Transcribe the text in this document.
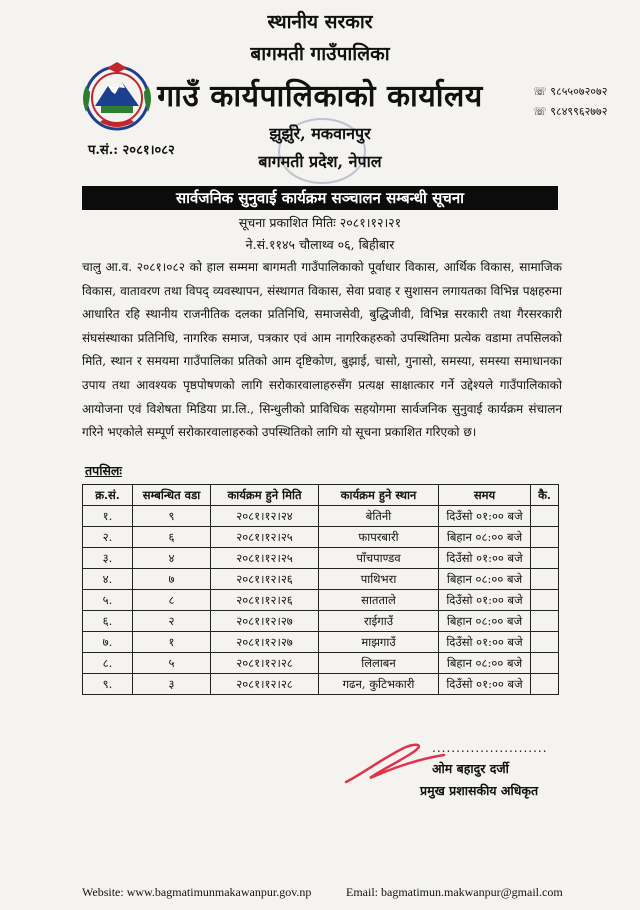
स्थानीय सरकार
बागमती गाउँपालिका
गाउँ कार्यपालिकाको कार्यालय
झुर्झुरे, मकवानपुर
बागमती प्रदेश, नेपाल
☏ ९८५५०७२०७२
☏ ९८४९९६२७७२
प.सं.: २०८१।०८२
सार्वजनिक सुनुवाई कार्यक्रम सञ्चालन सम्बन्धी सूचना
सूचना प्रकाशित मितिः २०८१।१२।२१
ने.सं.११४५ चौलाथ्व ०६, बिहीबार
चालु आ.व. २०८१।०८२ को हाल सम्ममा बागमती गाउँपालिकाको पूर्वाधार विकास, आर्थिक विकास, सामाजिक विकास, वातावरण तथा विपद् व्यवस्थापन, संस्थागत विकास, सेवा प्रवाह र सुशासन लगायतका विभिन्न पक्षहरुमा आधारित रहि स्थानीय राजनीतिक दलका प्रतिनिधि, समाजसेवी, बुद्धिजीवी, विभिन्न सरकारी तथा गैरसरकारी संघसंस्थाका प्रतिनिधि, नागरिक समाज, पत्रकार एवं आम नागरिकहरुको उपस्थितिमा प्रत्येक वडामा तपसिलको मिति, स्थान र समयमा गाउँपालिका प्रतिको आम दृष्टिकोण, बुझाई, चासो, गुनासो, समस्या, समस्या समाधानका उपाय तथा आवश्यक पृष्ठपोषणको लागि सरोकारवालाहरुसँग प्रत्यक्ष साक्षात्कार गर्ने उद्देश्यले गाउँपालिकाको आयोजना एवं विशेषता मिडिया प्रा.लि., सिन्धुलीको प्राविधिक सहयोगमा सार्वजनिक सुनुवाई कार्यक्रम संचालन गरिने भएकोले सम्पूर्ण सरोकारवालाहरुको उपस्थितिको लागि यो सूचना प्रकाशित गरिएको छ।
तपसिलः
क्र.सं.	सम्बन्धित वडा	कार्यक्रम हुने मिति	कार्यक्रम हुने स्थान	समय	कै.
१.	९	२०८१।१२।२४	बेतिनी	दिउँसो ०१:०० बजे	
२.	६	२०८१।१२।२५	फापरबारी	बिहान ०८:०० बजे	
३.	४	२०८१।१२।२५	पाँचपाण्डव	दिउँसो ०१:०० बजे	
४.	७	२०८१।१२।२६	पाथिभरा	बिहान ०८:०० बजे	
५.	८	२०८१।१२।२६	सातताले	दिउँसो ०१:०० बजे	
६.	२	२०८१।१२।२७	राईगाउँ	बिहान ०८:०० बजे	
७.	१	२०८१।१२।२७	माझगाउँ	दिउँसो ०१:०० बजे	
८.	५	२०८१।१२।२८	लिलाबन	बिहान ०८:०० बजे	
९.	३	२०८१।१२।२८	गढन, कुटिभकारी	दिउँसो ०१:०० बजे	
........................
ओम बहादुर दर्जी
प्रमुख प्रशासकीय अधिकृत
Website: www.bagmatimunmakawanpur.gov.np	Email: bagmatimun.makwanpur@gmail.com
